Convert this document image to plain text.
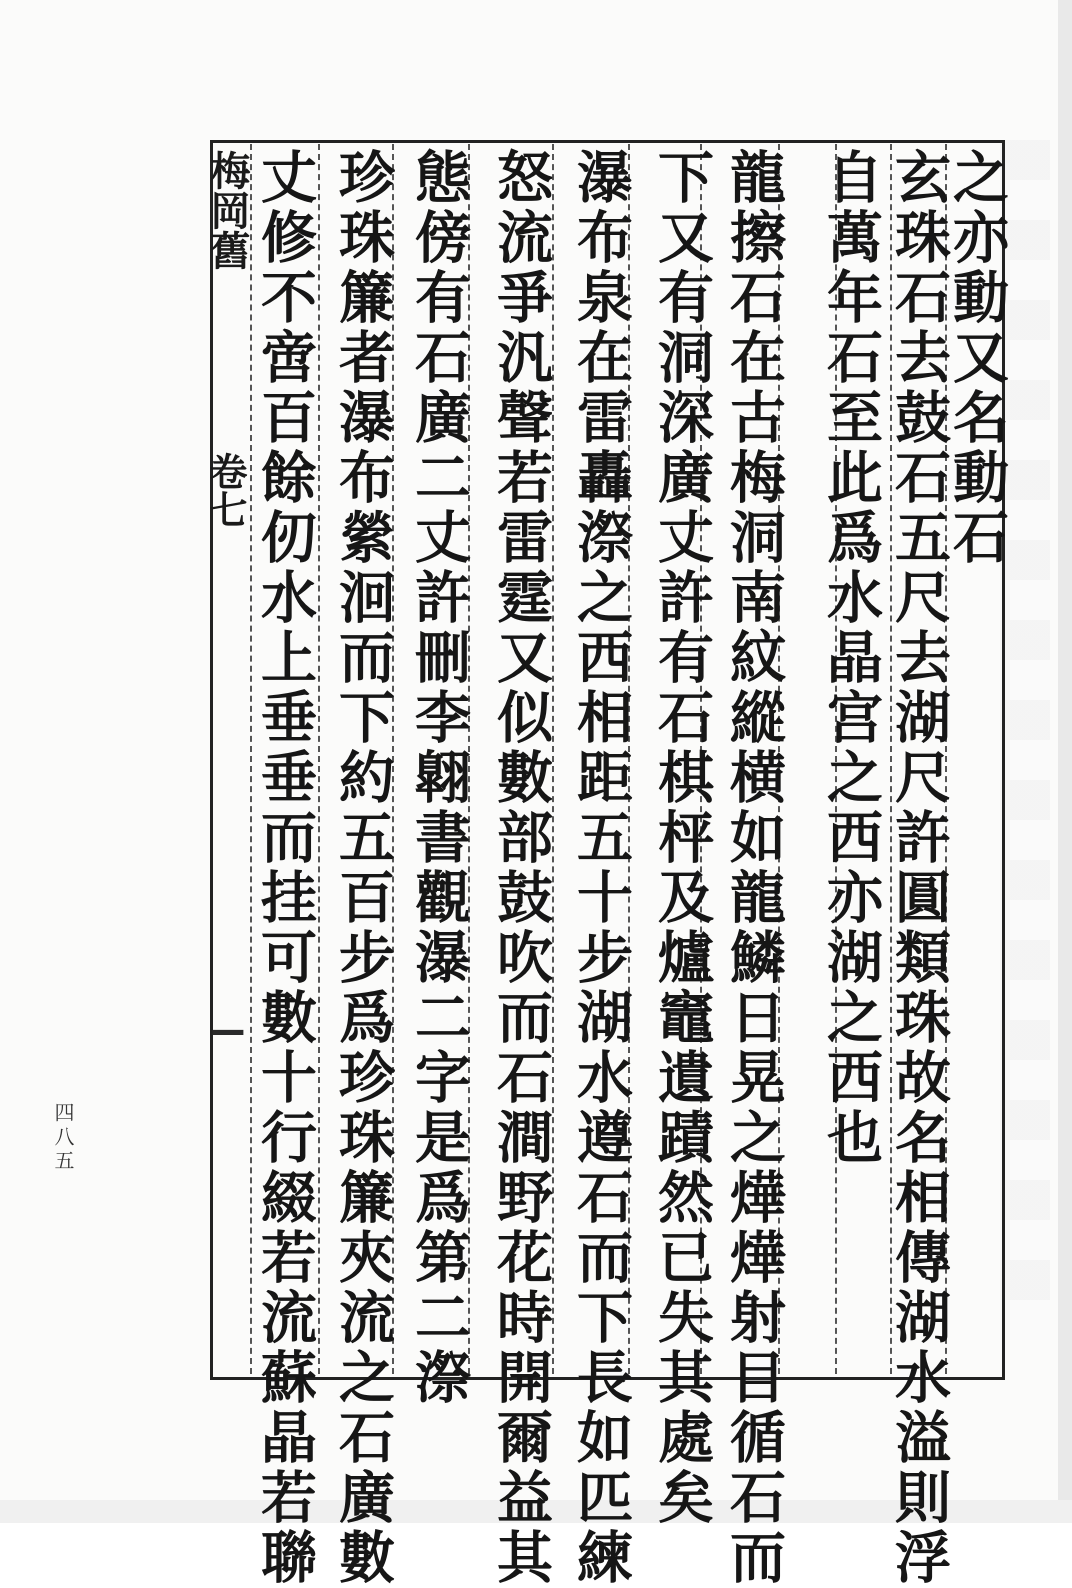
之亦動又名動石
玄珠石去鼓石五尺去湖尺許圓類珠故名相傳湖水溢則浮
自萬年石至此爲水晶宫之西亦湖之西也
龍擦石在古梅洞南紋縱横如龍鱗日晃之燁燁射目循石而
下又有洞深廣丈許有石棋枰及爐竈遺蹟然已失其處矣
瀑布泉在雷轟漈之西相距五十步湖水遵石而下長如匹練
怒流爭汎聲若雷霆又似數部鼓吹而石澗野花時開爾益其
態傍有石廣二丈許刪李翺書觀瀑二字是爲第二漈
珍珠簾者瀑布縈洄而下約五百步爲珍珠簾夾流之石廣數
丈修不啻百餘仞水上垂垂而挂可數十行綴若流蘇晶若聯
梅岡舊
卷七
▎
四八五
